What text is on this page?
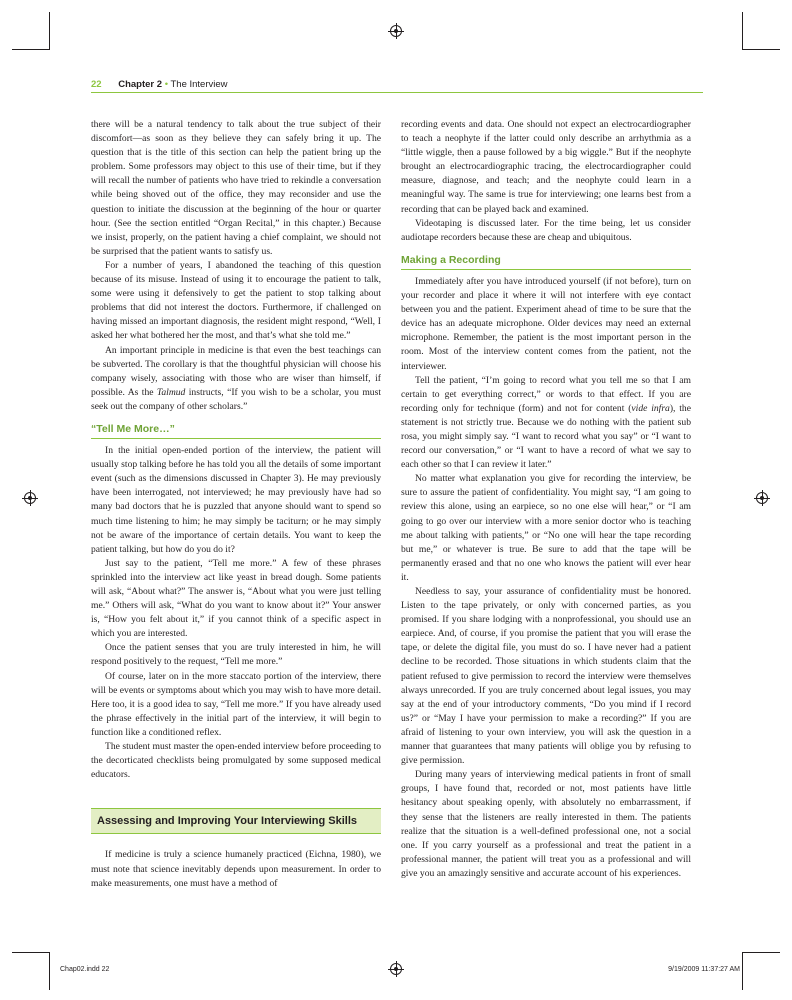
22 Chapter 2 • The Interview

there will be a natural tendency to talk about the true subject of their discomfort—as soon as they believe they can safely bring it up. The question that is the title of this section can help the patient bring up the problem. Some professors may object to this use of their time, but if they will recall the number of patients who have tried to rekindle a conversation while being shoved out of the office, they may reconsider and use the question to initiate the discussion at the beginning of the hour or quarter hour. (See the section entitled “Organ Recital,” in this chapter.) Because we insist, properly, on the patient having a chief complaint, we should not be surprised that the patient wants to satisfy us.

For a number of years, I abandoned the teaching of this question because of its misuse. Instead of using it to encourage the patient to talk, some were using it defensively to get the patient to stop talking about problems that did not interest the doctors. Furthermore, if challenged on having missed an important diagnosis, the resident might respond, “Well, I asked her what bothered her the most, and that’s what she told me.”

An important principle in medicine is that even the best teachings can be subverted. The corollary is that the thoughtful physician will choose his company wisely, associating with those who are wiser than himself, if possible. As the Talmud instructs, “If you wish to be a scholar, you must seek out the company of other scholars.”

“Tell Me More…”

In the initial open-ended portion of the interview, the patient will usually stop talking before he has told you all the details of some important event (such as the dimensions discussed in Chapter 3). He may previously have been interrogated, not interviewed; he may previously have had so many bad doctors that he is puzzled that anyone should want to spend so much time listening to him; he may simply be taciturn; or he may simply not be aware of the importance of certain details. You want to keep the patient talking, but how do you do it?

Just say to the patient, “Tell me more.” A few of these phrases sprinkled into the interview act like yeast in bread dough. Some patients will ask, “About what?” The answer is, “About what you were just telling me.” Others will ask, “What do you want to know about it?” Your answer is, “How you felt about it,” if you cannot think of a specific aspect in which you are interested.

Once the patient senses that you are truly interested in him, he will respond positively to the request, “Tell me more.”

Of course, later on in the more staccato portion of the interview, there will be events or symptoms about which you may wish to have more detail. Here too, it is a good idea to say, “Tell me more.” If you have already used the phrase effectively in the initial part of the interview, it will begin to function like a conditioned reflex.

The student must master the open-ended interview before proceeding to the decorticated checklists being promulgated by some supposed medical educators.

Assessing and Improving Your Interviewing Skills

If medicine is truly a science humanely practiced (Eichna, 1980), we must note that science inevitably depends upon measurement. In order to make measurements, one must have a method of

recording events and data. One should not expect an electrocardiographer to teach a neophyte if the latter could only describe an arrhythmia as a “little wiggle, then a pause followed by a big wiggle.” But if the neophyte brought an electrocardiographic tracing, the electrocardiographer could measure, diagnose, and teach; and the neophyte could learn in a meaningful way. The same is true for interviewing; one learns best from a recording that can be played back and examined.

Videotaping is discussed later. For the time being, let us consider audiotape recorders because these are cheap and ubiquitous.

Making a Recording

Immediately after you have introduced yourself (if not before), turn on your recorder and place it where it will not interfere with eye contact between you and the patient. Experiment ahead of time to be sure that the device has an adequate microphone. Older devices may need an external microphone. Remember, the patient is the most important person in the room. Most of the interview content comes from the patient, not the interviewer.

Tell the patient, “I’m going to record what you tell me so that I am certain to get everything correct,” or words to that effect. If you are recording only for technique (form) and not for content (vide infra), the statement is not strictly true. Because we do nothing with the patient sub rosa, you might simply say. “I want to record what you say” or “I want to record our conversation,” or “I want to have a record of what we say to each other so that I can review it later.”

No matter what explanation you give for recording the interview, be sure to assure the patient of confidentiality. You might say, “I am going to review this alone, using an earpiece, so no one else will hear,” or “I am going to go over our interview with a more senior doctor who is teaching me about talking with patients,” or “No one will hear the tape recording but me,” or whatever is true. Be sure to add that the tape will be permanently erased and that no one who knows the patient will ever hear it.

Needless to say, your assurance of confidentiality must be honored. Listen to the tape privately, or only with concerned parties, as you promised. If you share lodging with a nonprofessional, you should use an earpiece. And, of course, if you promise the patient that you will erase the tape, or delete the digital file, you must do so. I have never had a patient decline to be recorded. Those situations in which students claim that the patient refused to give permission to record the interview were themselves always unrecorded. If you are truly concerned about legal issues, you may say at the end of your introductory comments, “Do you mind if I record us?” or “May I have your permission to make a recording?” If you are afraid of listening to your own interview, you will ask the question in a manner that guarantees that many patients will oblige you by refusing to give permission.

During many years of interviewing medical patients in front of small groups, I have found that, recorded or not, most patients have little hesitancy about speaking openly, with absolutely no embarrassment, if they sense that the listeners are really interested in them. The patients realize that the situation is a well-defined professional one, not a social one. If you carry yourself as a professional and treat the patient in a professional manner, the patient will treat you as a professional and will give you an amazingly sensitive and accurate account of his experiences.

Chap02.indd 22	9/19/2009 11:37:27 AM
